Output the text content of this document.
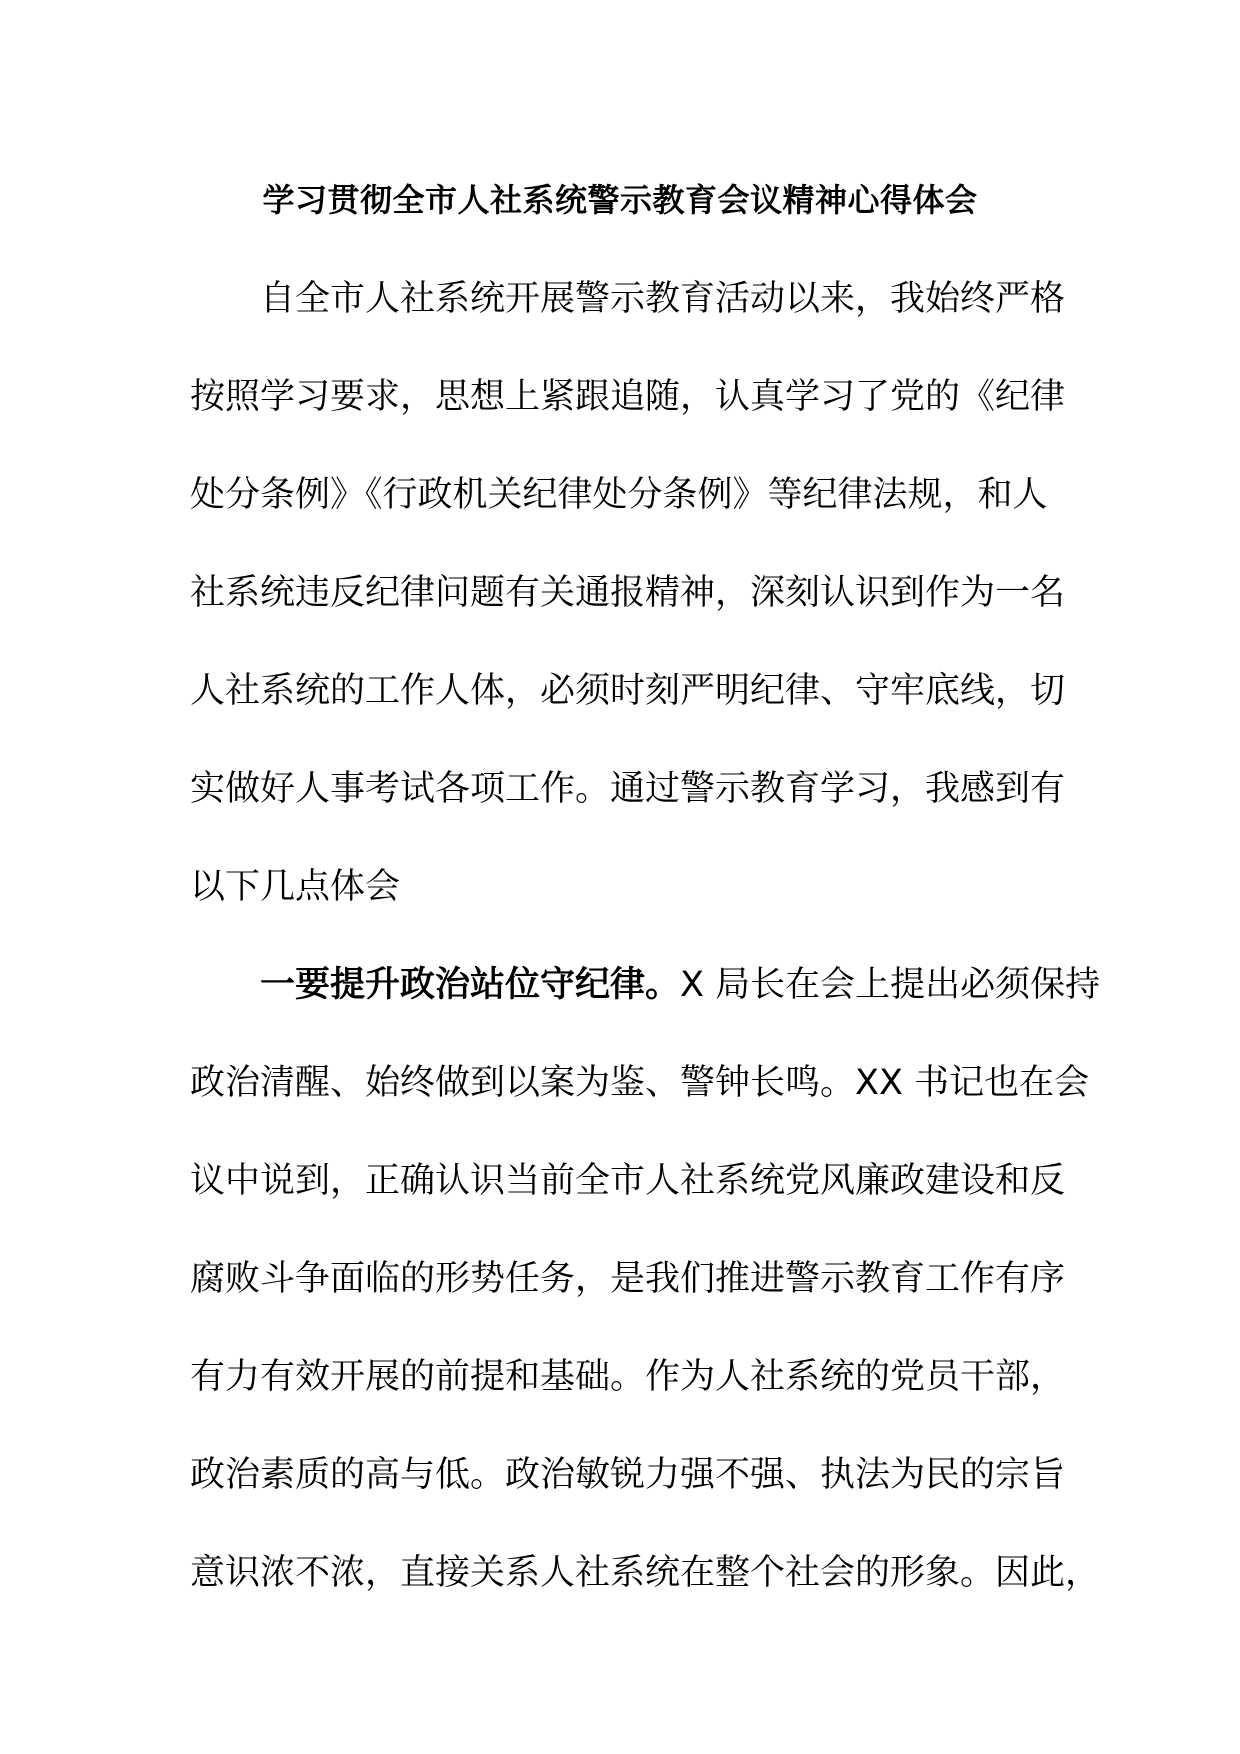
学习贯彻全市人社系统警示教育会议精神心得体会
自全市人社系统开展警示教育活动以来，我始终严格
按照学习要求，思想上紧跟追随，认真学习了党的《纪律
处分条例》《行政机关纪律处分条例》等纪律法规，和人
社系统违反纪律问题有关通报精神，深刻认识到作为一名
人社系统的工作人体，必须时刻严明纪律、守牢底线，切
实做好人事考试各项工作。通过警示教育学习，我感到有
以下几点体会
一要提升政治站位守纪律。X 局长在会上提出必须保持
政治清醒、始终做到以案为鉴、警钟长鸣。XX 书记也在会
议中说到，正确认识当前全市人社系统党风廉政建设和反
腐败斗争面临的形势任务，是我们推进警示教育工作有序
有力有效开展的前提和基础。作为人社系统的党员干部，
政治素质的高与低。政治敏锐力强不强、执法为民的宗旨
意识浓不浓，直接关系人社系统在整个社会的形象。因此，
